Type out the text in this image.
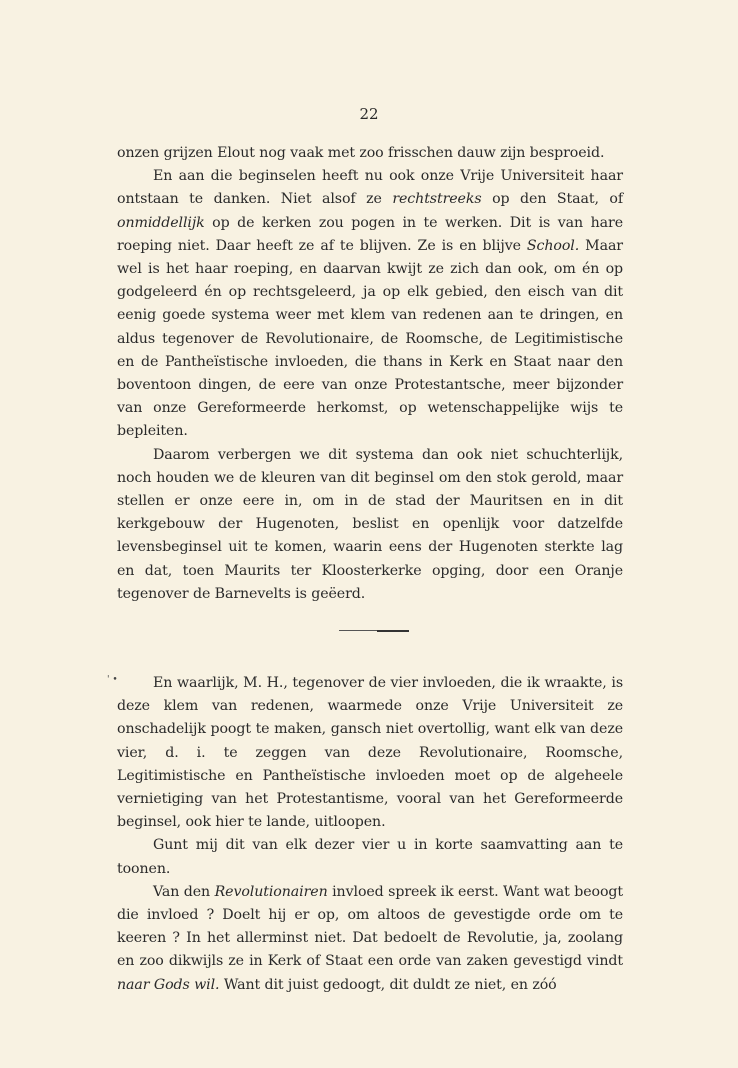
22

onzen grijzen Elout nog vaak met zoo frisschen dauw zijn besproeid.

En aan die beginselen heeft nu ook onze Vrije Universiteit haar ontstaan te danken. Niet alsof ze rechtstreeks op den Staat, of onmiddellijk op de kerken zou pogen in te werken. Dit is van hare roeping niet. Daar heeft ze af te blijven. Ze is en blijve School. Maar wel is het haar roeping, en daarvan kwijt ze zich dan ook, om én op godgeleerd én op rechtsgeleerd, ja op elk gebied, den eisch van dit eenig goede systema weer met klem van redenen aan te dringen, en aldus tegenover de Revolutionaire, de Roomsche, de Legitimistische en de Pantheïstische invloeden, die thans in Kerk en Staat naar den boventoon dingen, de eere van onze Protestantsche, meer bijzonder van onze Gereformeerde herkomst, op wetenschappelijke wijs te bepleiten.

Daarom verbergen we dit systema dan ook niet schuchterlijk, noch houden we de kleuren van dit beginsel om den stok gerold, maar stellen er onze eere in, om in de stad der Mauritsen en in dit kerkgebouw der Hugenoten, beslist en openlijk voor datzelfde levensbeginsel uit te komen, waarin eens der Hugenoten sterkte lag en dat, toen Maurits ter Kloosterkerke opging, door een Oranje tegenover de Barnevelts is geëerd.

' •	En waarlijk, M. H., tegenover de vier invloeden, die ik wraakte, is deze klem van redenen, waarmede onze Vrije Universiteit ze onschadelijk poogt te maken, gansch niet overtollig, want elk van deze vier, d. i. te zeggen van deze Revolutionaire, Roomsche, Legitimistische en Pantheïstische invloeden moet op de algeheele vernietiging van het Protestantisme, vooral van het Gereformeerde beginsel, ook hier te lande, uitloopen.

Gunt mij dit van elk dezer vier u in korte saamvatting aan te toonen.

Van den Revolutionairen invloed spreek ik eerst. Want wat beoogt die invloed ? Doelt hij er op, om altoos de gevestigde orde om te keeren ? In het allerminst niet. Dat bedoelt de Revolutie, ja, zoolang en zoo dikwijls ze in Kerk of Staat een orde van zaken gevestigd vindt naar Gods wil. Want dit juist gedoogt, dit duldt ze niet, en zóó
